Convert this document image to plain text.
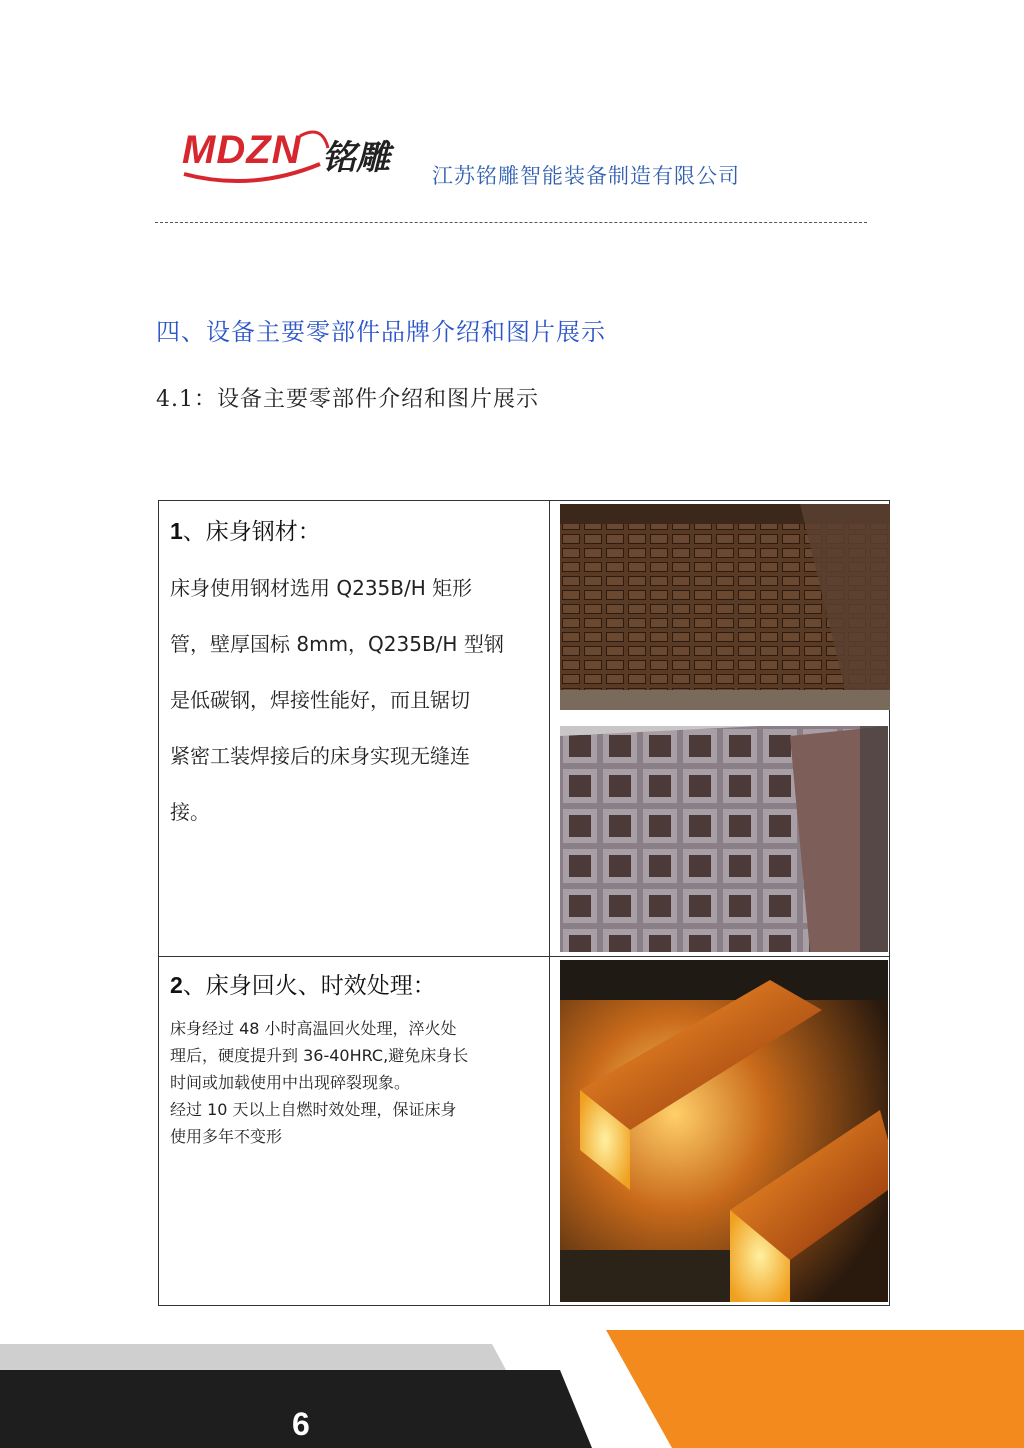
MDZN 铭雕 江苏铭雕智能装备制造有限公司
四、设备主要零部件品牌介绍和图片展示
4.1：设备主要零部件介绍和图片展示
1、床身钢材：
床身使用钢材选用 Q235B/H 矩形
管，壁厚国标 8mm，Q235B/H 型钢
是低碳钢，焊接性能好，而且锯切
紧密工装焊接后的床身实现无缝连
接。
2、床身回火、时效处理：
床身经过 48 小时高温回火处理，淬火处
理后，硬度提升到 36-40HRC,避免床身长
时间或加载使用中出现碎裂现象。
经过 10 天以上自燃时效处理，保证床身
使用多年不变形
6
